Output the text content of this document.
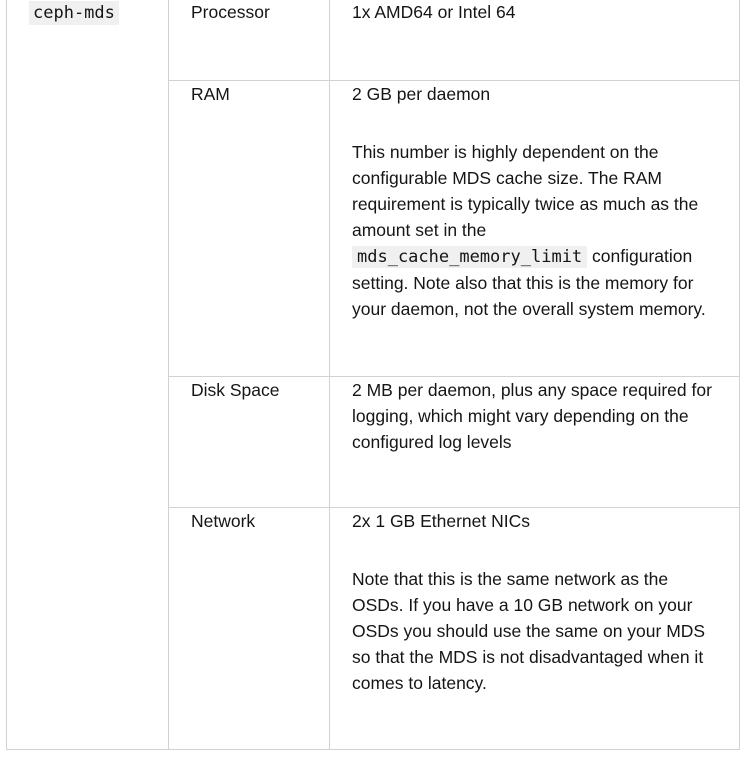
ceph-mds	Processor	1x AMD64 or Intel 64

	RAM	2 GB per daemon

This number is highly dependent on the configurable MDS cache size. The RAM requirement is typically twice as much as the amount set in the mds_cache_memory_limit configuration setting. Note also that this is the memory for your daemon, not the overall system memory.

	Disk Space	2 MB per daemon, plus any space required for logging, which might vary depending on the configured log levels

	Network	2x 1 GB Ethernet NICs

Note that this is the same network as the OSDs. If you have a 10 GB network on your OSDs you should use the same on your MDS so that the MDS is not disadvantaged when it comes to latency.
